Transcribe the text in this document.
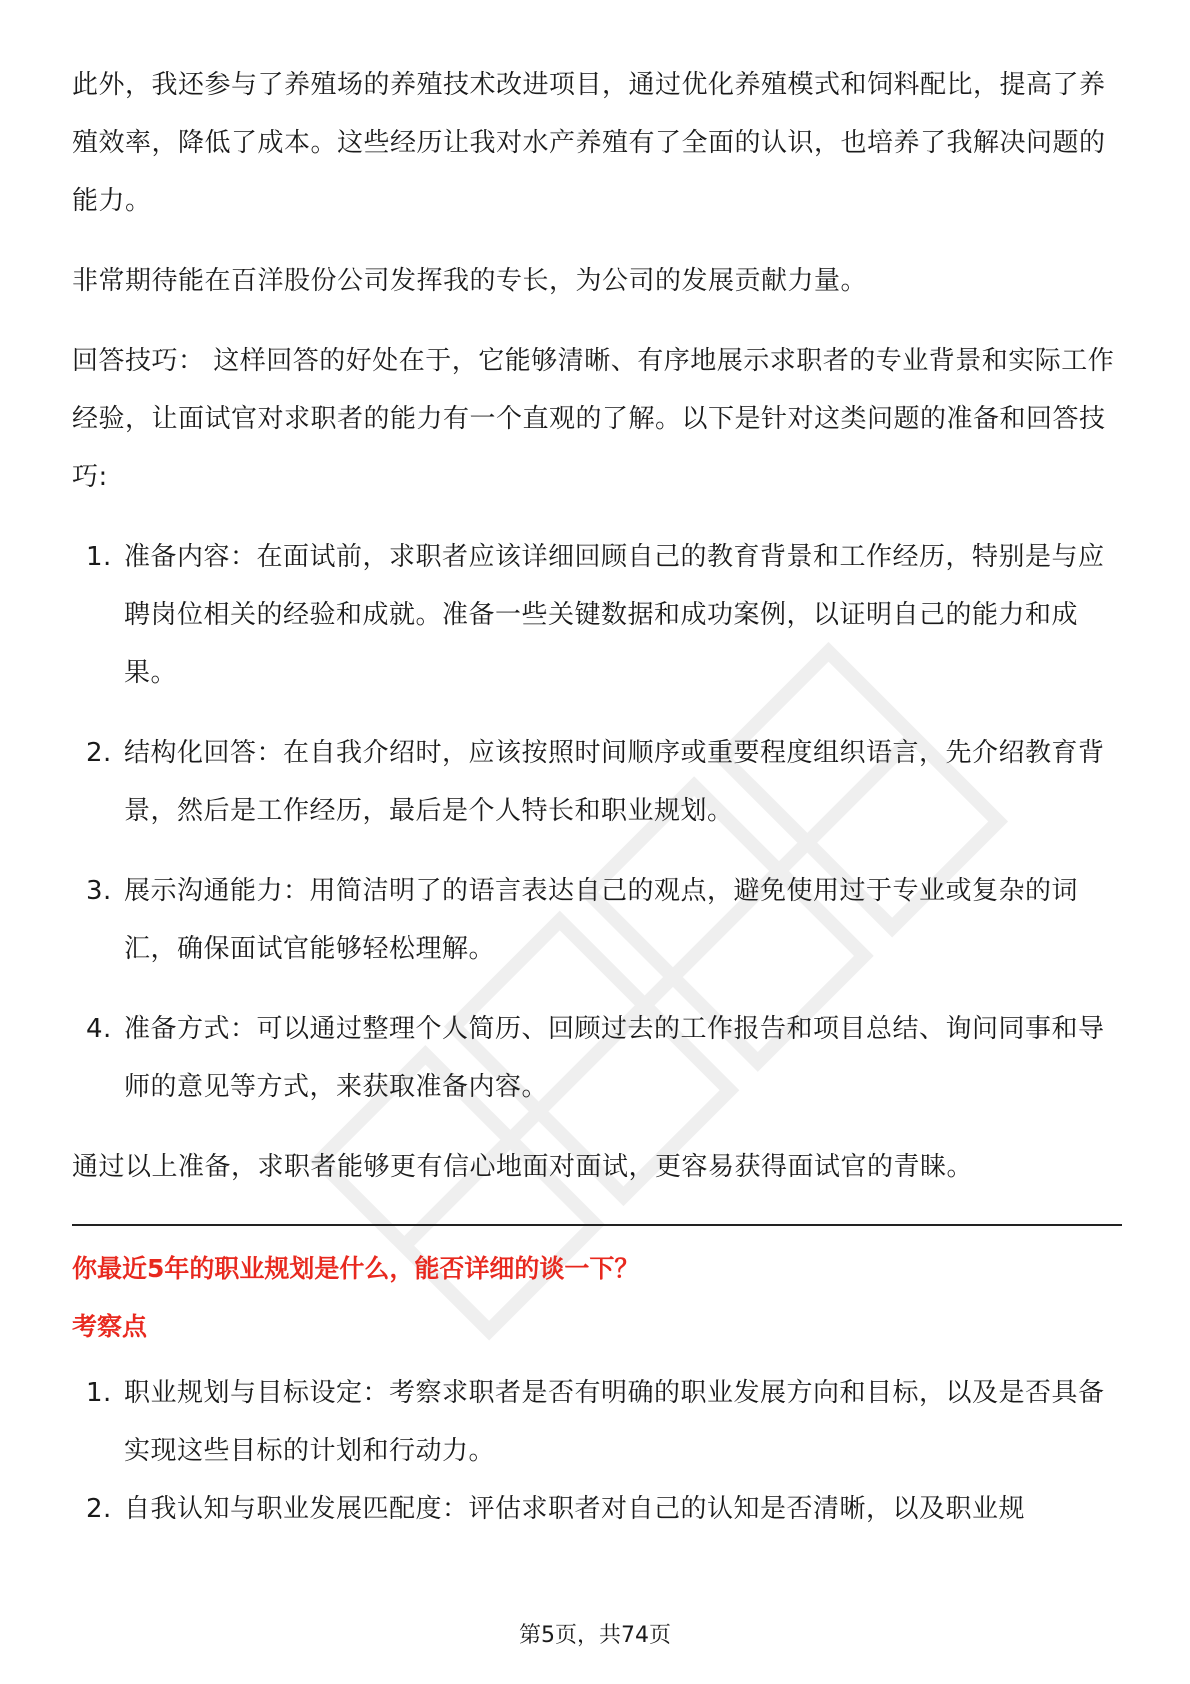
此外，我还参与了养殖场的养殖技术改进项目，通过优化养殖模式和饲料配比，提高了养殖效率，降低了成本。这些经历让我对水产养殖有了全面的认识，也培养了我解决问题的能力。

非常期待能在百洋股份公司发挥我的专长，为公司的发展贡献力量。

回答技巧： 这样回答的好处在于，它能够清晰、有序地展示求职者的专业背景和实际工作经验，让面试官对求职者的能力有一个直观的了解。以下是针对这类问题的准备和回答技巧:

1. 准备内容：在面试前，求职者应该详细回顾自己的教育背景和工作经历，特别是与应聘岗位相关的经验和成就。准备一些关键数据和成功案例，以证明自己的能力和成果。
2. 结构化回答：在自我介绍时，应该按照时间顺序或重要程度组织语言，先介绍教育背景，然后是工作经历，最后是个人特长和职业规划。
3. 展示沟通能力：用简洁明了的语言表达自己的观点，避免使用过于专业或复杂的词汇，确保面试官能够轻松理解。
4. 准备方式：可以通过整理个人简历、回顾过去的工作报告和项目总结、询问同事和导师的意见等方式，来获取准备内容。

通过以上准备，求职者能够更有信心地面对面试，更容易获得面试官的青睐。

你最近5年的职业规划是什么，能否详细的谈一下？

考察点

1. 职业规划与目标设定：考察求职者是否有明确的职业发展方向和目标，以及是否具备实现这些目标的计划和行动力。
2. 自我认知与职业发展匹配度：评估求职者对自己的认知是否清晰，以及职业规
第5页，共74页
